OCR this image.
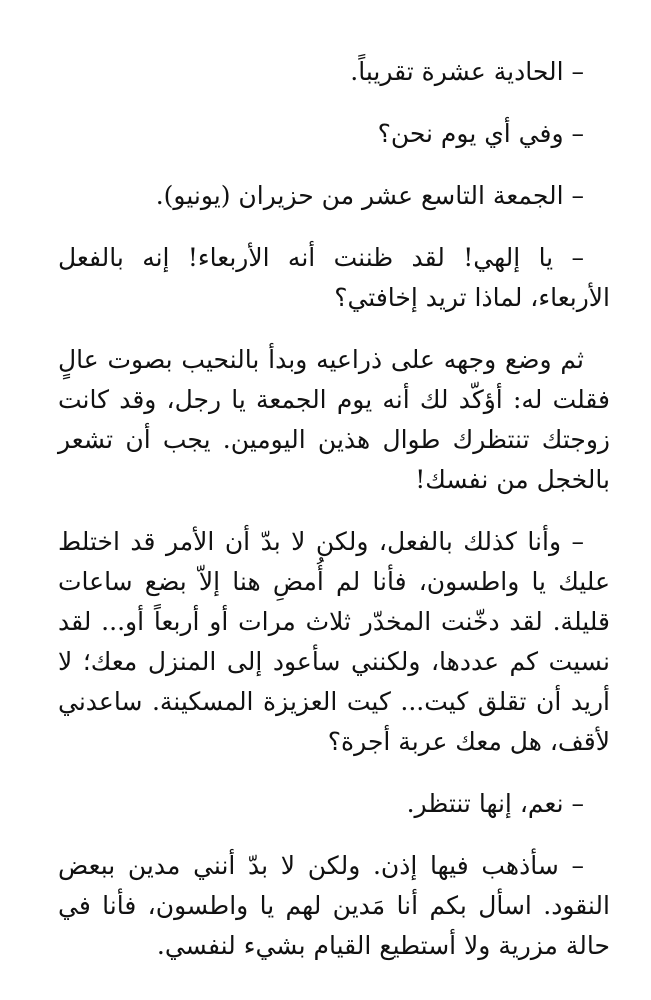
– الحادية عشرة تقريباً.

– وفي أي يوم نحن؟

– الجمعة التاسع عشر من حزيران (يونيو).

– يا إلهي! لقد ظننت أنه الأربعاء! إنه بالفعل الأربعاء، لماذا تريد إخافتي؟

ثم وضع وجهه على ذراعيه وبدأ بالنحيب بصوت عالٍ فقلت له: أؤكّد لك أنه يوم الجمعة يا رجل، وقد كانت زوجتك تنتظرك طوال هذين اليومين. يجب أن تشعر بالخجل من نفسك!

– وأنا كذلك بالفعل، ولكن لا بدّ أن الأمر قد اختلط عليك يا واطسون، فأنا لم أُمضِ هنا إلاّ بضع ساعات قليلة. لقد دخّنت المخدّر ثلاث مرات أو أربعاً أو... لقد نسيت كم عددها، ولكنني سأعود إلى المنزل معك؛ لا أريد أن تقلق كيت... كيت العزيزة المسكينة. ساعدني لأقف، هل معك عربة أجرة؟

– نعم، إنها تنتظر.

– سأذهب فيها إذن. ولكن لا بدّ أنني مدين ببعض النقود. اسأل بكم أنا مَدين لهم يا واطسون، فأنا في حالة مزرية ولا أستطيع القيام بشيء لنفسي.
